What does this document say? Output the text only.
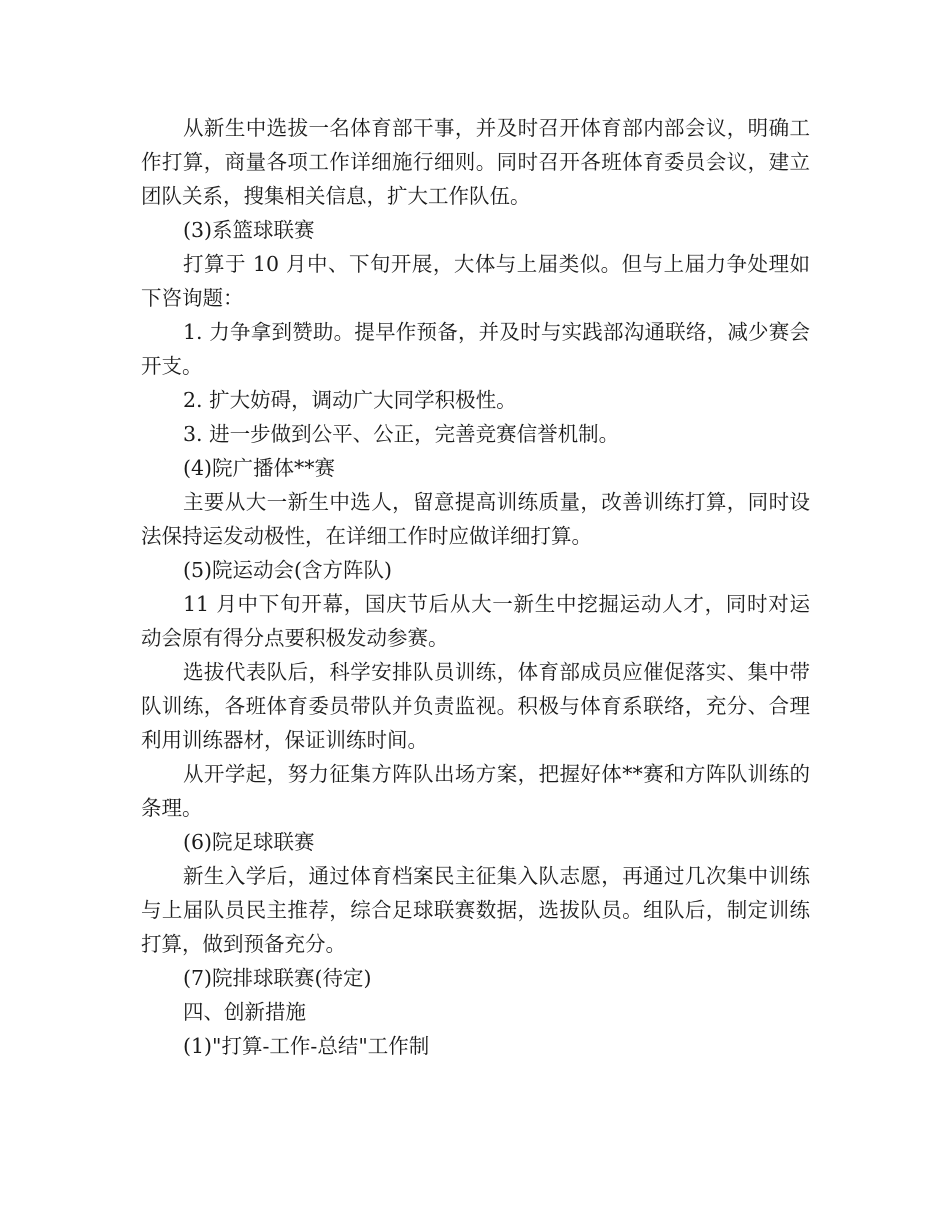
从新生中选拔一名体育部干事，并及时召开体育部内部会议，明确工作打算，商量各项工作详细施行细则。同时召开各班体育委员会议，建立团队关系，搜集相关信息，扩大工作队伍。

(3)系篮球联赛

打算于 10 月中、下旬开展，大体与上届类似。但与上届力争处理如下咨询题：

1. 力争拿到赞助。提早作预备，并及时与实践部沟通联络，减少赛会开支。

2. 扩大妨碍，调动广大同学积极性。

3. 进一步做到公平、公正，完善竞赛信誉机制。

(4)院广播体**赛

主要从大一新生中选人，留意提高训练质量，改善训练打算，同时设法保持运发动极性，在详细工作时应做详细打算。

(5)院运动会(含方阵队)

11 月中下旬开幕，国庆节后从大一新生中挖掘运动人才，同时对运动会原有得分点要积极发动参赛。

选拔代表队后，科学安排队员训练，体育部成员应催促落实、集中带队训练，各班体育委员带队并负责监视。积极与体育系联络，充分、合理利用训练器材，保证训练时间。

从开学起，努力征集方阵队出场方案，把握好体**赛和方阵队训练的条理。

(6)院足球联赛

新生入学后，通过体育档案民主征集入队志愿，再通过几次集中训练与上届队员民主推荐，综合足球联赛数据，选拔队员。组队后，制定训练打算，做到预备充分。

(7)院排球联赛(待定)

四、创新措施

(1)"打算-工作-总结"工作制
